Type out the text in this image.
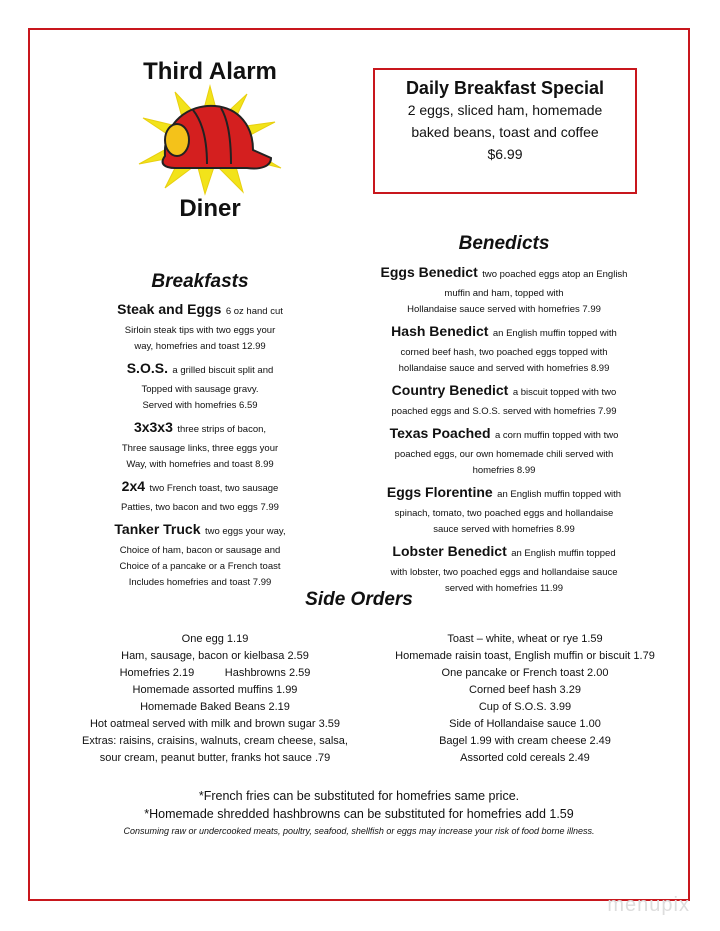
Third Alarm
Diner
Daily Breakfast Special
2 eggs, sliced ham, homemade
baked beans, toast and coffee
$6.99
Breakfasts
Steak and Eggs 6 oz hand cut
Sirloin steak tips with two eggs your
way, homefries and toast 12.99
S.O.S. a grilled biscuit split and
Topped with sausage gravy.
Served with homefries 6.59
3x3x3 three strips of bacon,
Three sausage links, three eggs your
Way, with homefries and toast 8.99
2x4 two French toast, two sausage
Patties, two bacon and two eggs 7.99
Tanker Truck two eggs your way,
Choice of ham, bacon or sausage and
Choice of a pancake or a French toast
Includes homefries and toast 7.99
Benedicts
Eggs Benedict two poached eggs atop an English
muffin and ham, topped with
Hollandaise sauce served with homefries 7.99
Hash Benedict an English muffin topped with
corned beef hash, two poached eggs topped with
hollandaise sauce and served with homefries 8.99
Country Benedict a biscuit topped with two
poached eggs and S.O.S. served with homefries 7.99
Texas Poached a corn muffin topped with two
poached eggs, our own homemade chili served with
homefries 8.99
Eggs Florentine an English muffin topped with
spinach, tomato, two poached eggs and hollandaise
sauce served with homefries 8.99
Lobster Benedict an English muffin topped
with lobster, two poached eggs and hollandaise sauce
served with homefries 11.99
Side Orders
One egg 1.19
Ham, sausage, bacon or kielbasa 2.59
Homefries 2.19          Hashbrowns 2.59
Homemade assorted muffins 1.99
Homemade Baked Beans 2.19
Hot oatmeal served with milk and brown sugar 3.59
Extras: raisins, craisins, walnuts, cream cheese, salsa,
sour cream, peanut butter, franks hot sauce .79
Toast – white, wheat or rye 1.59
Homemade raisin toast, English muffin or biscuit 1.79
One pancake or French toast 2.00
Corned beef hash 3.29
Cup of S.O.S. 3.99
Side of Hollandaise sauce 1.00
Bagel 1.99 with cream cheese 2.49
Assorted cold cereals 2.49
*French fries can be substituted for homefries same price.
*Homemade shredded hashbrowns can be substituted for homefries add 1.59
Consuming raw or undercooked meats, poultry, seafood, shellfish or eggs may increase your risk of food borne illness.
menupix
